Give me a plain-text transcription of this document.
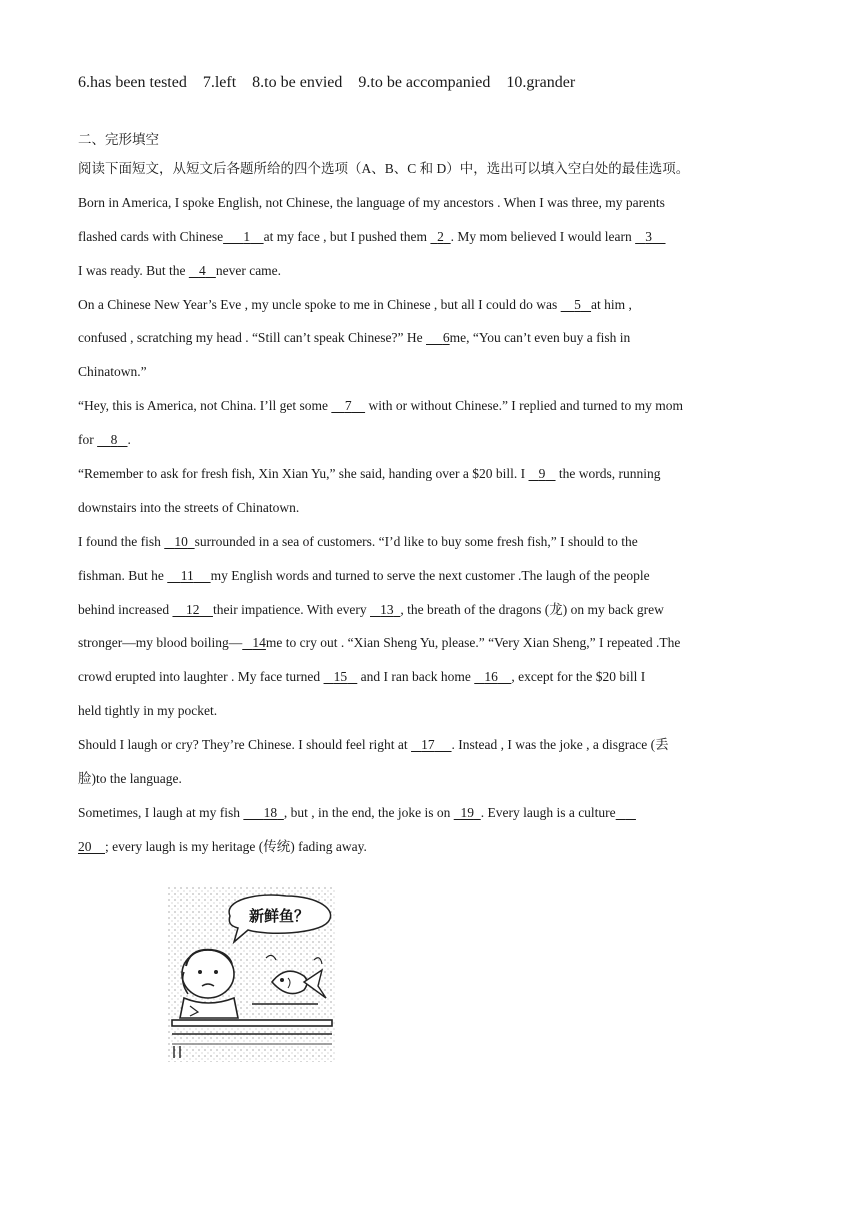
6.has been tested    7.left    8.to be envied    9.to be accompanied    10.grander
二、完形填空
阅读下面短文，从短文后各题所给的四个选项（A、B、C 和 D）中，选出可以填入空白处的最佳选项。
Born in America, I spoke English, not Chinese, the language of my ancestors . When I was three, my parents
flashed cards with Chinese 1 at my face , but I pushed them   2 . My mom believed I would learn    3
I was ready. But the    4 never came.
On a Chinese New Year’s Eve , my uncle spoke to me in Chinese , but all I could do was     5 at him ,
confused , scratching my head . “Still can’t speak Chinese?” He      6me, “You can’t even buy a fish in
Chinatown.”
“Hey, this is America, not China. I’ll get some     7     with or without Chinese.” I replied and turned to my mom
for     8 .
“Remember to ask for fresh fish, Xin Xian Yu,” she said, handing over a $20 bill. I    9    the words, running
downstairs into the streets of Chinatown.
I found the fish    10 surrounded in a sea of customers. “I’d like to buy some fresh fish,” I should to the
fishman. But he     11 my English words and turned to serve the next customer .The laugh of the people
behind increased     12 their impatience. With every    13 , the breath of the dragons (龙) on my back grew
stronger—my blood boiling— 14me to cry out . “Xian Sheng Yu, please.” “Very Xian Sheng,” I repeated .The
crowd erupted into laughter . My face turned    15    and I ran back home    16 , except for the $20 bill I
held tightly in my pocket.
Should I laugh or cry? They’re Chinese. I should feel right at    17 . Instead , I was the joke , a disgrace (丢
脸)to the language.
Sometimes, I laugh at my fish       18 , but , in the end, the joke is on   19 . Every laugh is a culture
20 ; every laugh is my heritage (传统) fading away.
新鲜鱼？
